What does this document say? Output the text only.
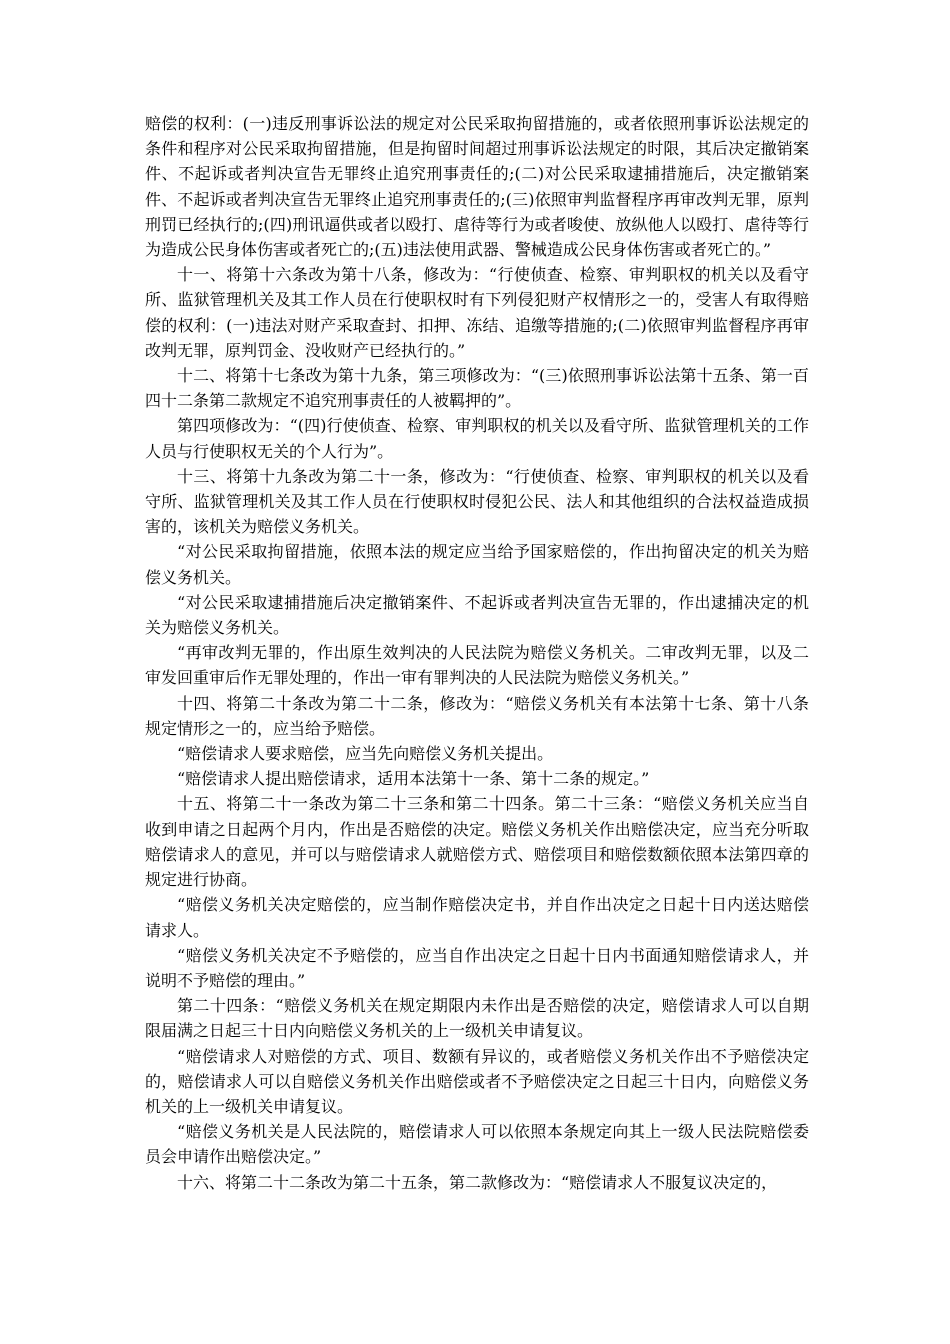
赔偿的权利：(一)违反刑事诉讼法的规定对公民采取拘留措施的，或者依照刑事诉讼法规定的条件和程序对公民采取拘留措施，但是拘留时间超过刑事诉讼法规定的时限，其后决定撤销案件、不起诉或者判决宣告无罪终止追究刑事责任的;(二)对公民采取逮捕措施后，决定撤销案件、不起诉或者判决宣告无罪终止追究刑事责任的;(三)依照审判监督程序再审改判无罪，原判刑罚已经执行的;(四)刑讯逼供或者以殴打、虐待等行为或者唆使、放纵他人以殴打、虐待等行为造成公民身体伤害或者死亡的;(五)违法使用武器、警械造成公民身体伤害或者死亡的。”

十一、将第十六条改为第十八条，修改为：“行使侦查、检察、审判职权的机关以及看守所、监狱管理机关及其工作人员在行使职权时有下列侵犯财产权情形之一的，受害人有取得赔偿的权利：(一)违法对财产采取查封、扣押、冻结、追缴等措施的;(二)依照审判监督程序再审改判无罪，原判罚金、没收财产已经执行的。”

十二、将第十七条改为第十九条，第三项修改为：“(三)依照刑事诉讼法第十五条、第一百四十二条第二款规定不追究刑事责任的人被羁押的”。

第四项修改为：“(四)行使侦查、检察、审判职权的机关以及看守所、监狱管理机关的工作人员与行使职权无关的个人行为”。

十三、将第十九条改为第二十一条，修改为：“行使侦查、检察、审判职权的机关以及看守所、监狱管理机关及其工作人员在行使职权时侵犯公民、法人和其他组织的合法权益造成损害的，该机关为赔偿义务机关。

“对公民采取拘留措施，依照本法的规定应当给予国家赔偿的，作出拘留决定的机关为赔偿义务机关。

“对公民采取逮捕措施后决定撤销案件、不起诉或者判决宣告无罪的，作出逮捕决定的机关为赔偿义务机关。

“再审改判无罪的，作出原生效判决的人民法院为赔偿义务机关。二审改判无罪，以及二审发回重审后作无罪处理的，作出一审有罪判决的人民法院为赔偿义务机关。”

十四、将第二十条改为第二十二条，修改为：“赔偿义务机关有本法第十七条、第十八条规定情形之一的，应当给予赔偿。

“赔偿请求人要求赔偿，应当先向赔偿义务机关提出。

“赔偿请求人提出赔偿请求，适用本法第十一条、第十二条的规定。”

十五、将第二十一条改为第二十三条和第二十四条。第二十三条：“赔偿义务机关应当自收到申请之日起两个月内，作出是否赔偿的决定。赔偿义务机关作出赔偿决定，应当充分听取赔偿请求人的意见，并可以与赔偿请求人就赔偿方式、赔偿项目和赔偿数额依照本法第四章的规定进行协商。

“赔偿义务机关决定赔偿的，应当制作赔偿决定书，并自作出决定之日起十日内送达赔偿请求人。

“赔偿义务机关决定不予赔偿的，应当自作出决定之日起十日内书面通知赔偿请求人，并说明不予赔偿的理由。”

第二十四条：“赔偿义务机关在规定期限内未作出是否赔偿的决定，赔偿请求人可以自期限届满之日起三十日内向赔偿义务机关的上一级机关申请复议。

“赔偿请求人对赔偿的方式、项目、数额有异议的，或者赔偿义务机关作出不予赔偿决定的，赔偿请求人可以自赔偿义务机关作出赔偿或者不予赔偿决定之日起三十日内，向赔偿义务机关的上一级机关申请复议。

“赔偿义务机关是人民法院的，赔偿请求人可以依照本条规定向其上一级人民法院赔偿委员会申请作出赔偿决定。”

十六、将第二十二条改为第二十五条，第二款修改为：“赔偿请求人不服复议决定的，
